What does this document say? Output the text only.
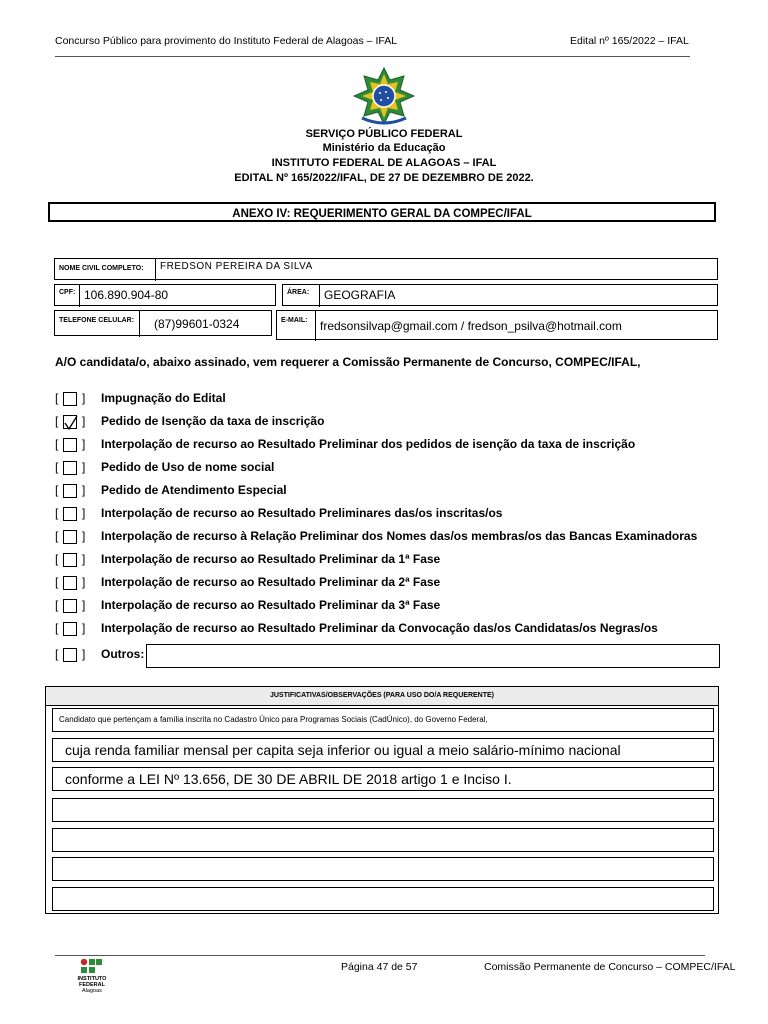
Concurso Público para provimento do Instituto Federal de Alagoas – IFAL	Edital nº 165/2022 – IFAL
SERVIÇO PÚBLICO FEDERAL
Ministério da Educação
INSTITUTO FEDERAL DE ALAGOAS – IFAL
EDITAL Nº 165/2022/IFAL, DE 27 DE DEZEMBRO DE 2022.
ANEXO IV: REQUERIMENTO GERAL DA COMPEC/IFAL
NOME CIVIL COMPLETO: FREDSON PEREIRA DA SILVA
CPF: 106.890.904-80	ÁREA: GEOGRAFIA
TELEFONE CELULAR: (87)99601-0324	E-MAIL: fredsonsilvap@gmail.com / fredson_psilva@hotmail.com
A/O candidata/o, abaixo assinado, vem requerer a Comissão Permanente de Concurso, COMPEC/IFAL,
[ ] Impugnação do Edital
[ ] Pedido de Isenção da taxa de inscrição
[ ] Interpolação de recurso ao Resultado Preliminar dos pedidos de isenção da taxa de inscrição
[ ] Pedido de Uso de nome social
[ ] Pedido de Atendimento Especial
[ ] Interpolação de recurso ao Resultado Preliminares das/os inscritas/os
[ ] Interpolação de recurso à Relação Preliminar dos Nomes das/os membras/os das Bancas Examinadoras
[ ] Interpolação de recurso ao Resultado Preliminar da 1ª Fase
[ ] Interpolação de recurso ao Resultado Preliminar da 2ª Fase
[ ] Interpolação de recurso ao Resultado Preliminar da 3ª Fase
[ ] Interpolação de recurso ao Resultado Preliminar da Convocação das/os Candidatas/os Negras/os
[ ] Outros:
JUSTIFICATIVAS/OBSERVAÇÕES (PARA USO DO/A REQUERENTE)
Candidato que pertençam a família inscrita no Cadastro Único para Programas Sociais (CadÚnico), do Governo Federal,
cuja renda familiar mensal per capita seja inferior ou igual a meio salário-mínimo nacional
conforme a LEI Nº 13.656, DE 30 DE ABRIL DE 2018 artigo 1 e Inciso I.
INSTITUTO
FEDERAL
Alagoas
Página 47 de 57	Comissão Permanente de Concurso – COMPEC/IFAL
